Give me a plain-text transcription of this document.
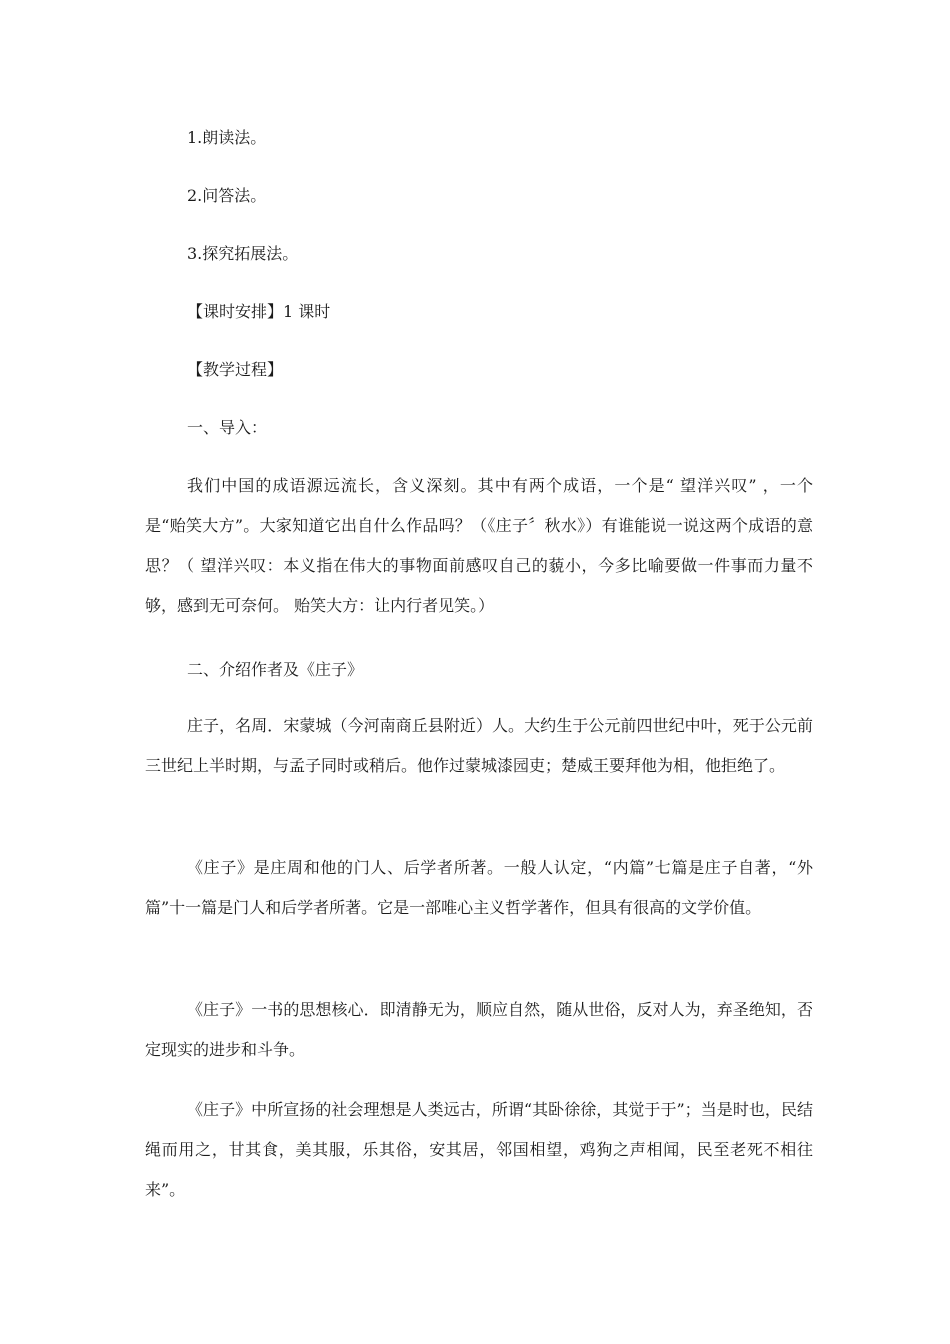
1.朗读法。
2.问答法。
3.探究拓展法。
【课时安排】1 课时
【教学过程】
一、导入：

我们中国的成语源远流长，含义深刻。其中有两个成语，一个是“ 望洋兴叹” ，一个是“贻笑大方”。大家知道它出自什么作品吗？（《庄子〞秋水》）有谁能说一说这两个成语的意思？（ 望洋兴叹：本义指在伟大的事物面前感叹自己的藐小，今多比喻要做一件事而力量不够，感到无可奈何。 贻笑大方：让内行者见笑。）

二、介绍作者及《庄子》

庄子，名周．宋蒙城（今河南商丘县附近）人。大约生于公元前四世纪中叶，死于公元前三世纪上半时期，与孟子同时或稍后。他作过蒙城漆园吏；楚威王要拜他为相，他拒绝了。

《庄子》是庄周和他的门人、后学者所著。一般人认定，“内篇”七篇是庄子自著，“外篇”十一篇是门人和后学者所著。它是一部唯心主义哲学著作，但具有很高的文学价值。

《庄子》一书的思想核心．即清静无为，顺应自然，随从世俗，反对人为，弃圣绝知，否定现实的进步和斗争。

《庄子》中所宣扬的社会理想是人类远古，所谓“其卧徐徐，其觉于于”；当是时也，民结绳而用之，甘其食，美其服，乐其俗，安其居，邻国相望，鸡狗之声相闻，民至老死不相往来”。
